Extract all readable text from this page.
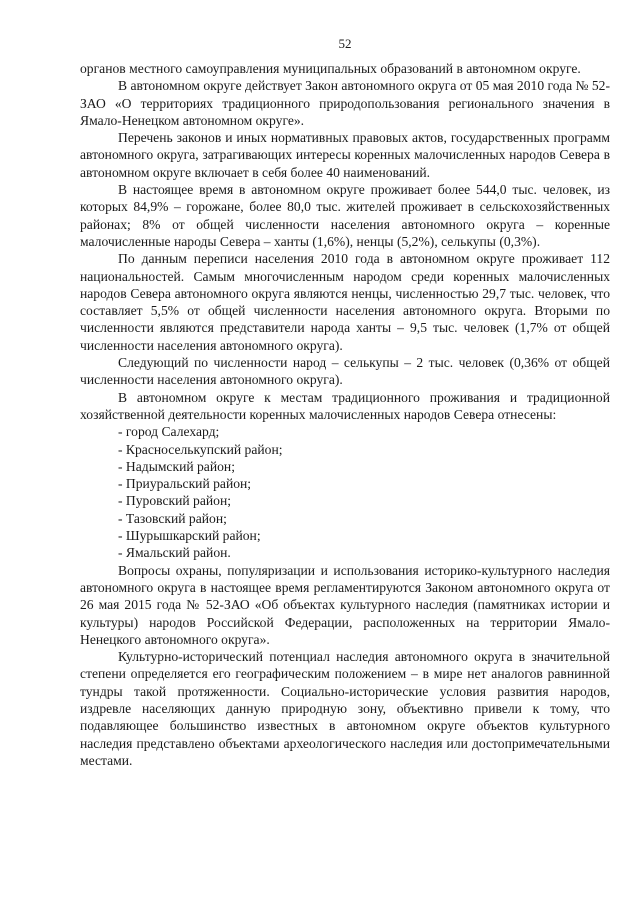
52

органов местного самоуправления муниципальных образований в автономном округе.

В автономном округе действует Закон автономного округа от 05 мая 2010 года № 52-ЗАО «О территориях традиционного природопользования регионального значения в Ямало-Ненецком автономном округе».

Перечень законов и иных нормативных правовых актов, государственных программ автономного округа, затрагивающих интересы коренных малочисленных народов Севера в автономном округе включает в себя более 40 наименований.

В настоящее время в автономном округе проживает более 544,0 тыс. человек, из которых 84,9% – горожане, более 80,0 тыс. жителей проживает в сельскохозяйственных районах; 8% от общей численности населения автономного округа – коренные малочисленные народы Севера – ханты (1,6%), ненцы (5,2%), селькупы (0,3%).

По данным переписи населения 2010 года в автономном округе проживает 112 национальностей. Самым многочисленным народом среди коренных малочисленных народов Севера автономного округа являются ненцы, численностью 29,7 тыс. человек, что составляет 5,5% от общей численности населения автономного округа. Вторыми по численности являются представители народа ханты – 9,5 тыс. человек (1,7% от общей численности населения автономного округа).

Следующий по численности народ – селькупы – 2 тыс. человек (0,36% от общей численности населения автономного округа).

В автономном округе к местам традиционного проживания и традиционной хозяйственной деятельности коренных малочисленных народов Севера отнесены:

- город Салехард;
- Красноселькупский район;
- Надымский район;
- Приуральский район;
- Пуровский район;
- Тазовский район;
- Шурышкарский район;
- Ямальский район.

Вопросы охраны, популяризации и использования историко-культурного наследия автономного округа в настоящее время регламентируются Законом автономного округа от 26 мая 2015 года № 52-ЗАО «Об объектах культурного наследия (памятниках истории и культуры) народов Российской Федерации, расположенных на территории Ямало-Ненецкого автономного округа».

Культурно-исторический потенциал наследия автономного округа в значительной степени определяется его географическим положением – в мире нет аналогов равнинной тундры такой протяженности. Социально-исторические условия развития народов, издревле населяющих данную природную зону, объективно привели к тому, что подавляющее большинство известных в автономном округе объектов культурного наследия представлено объектами археологического наследия или достопримечательными местами.
